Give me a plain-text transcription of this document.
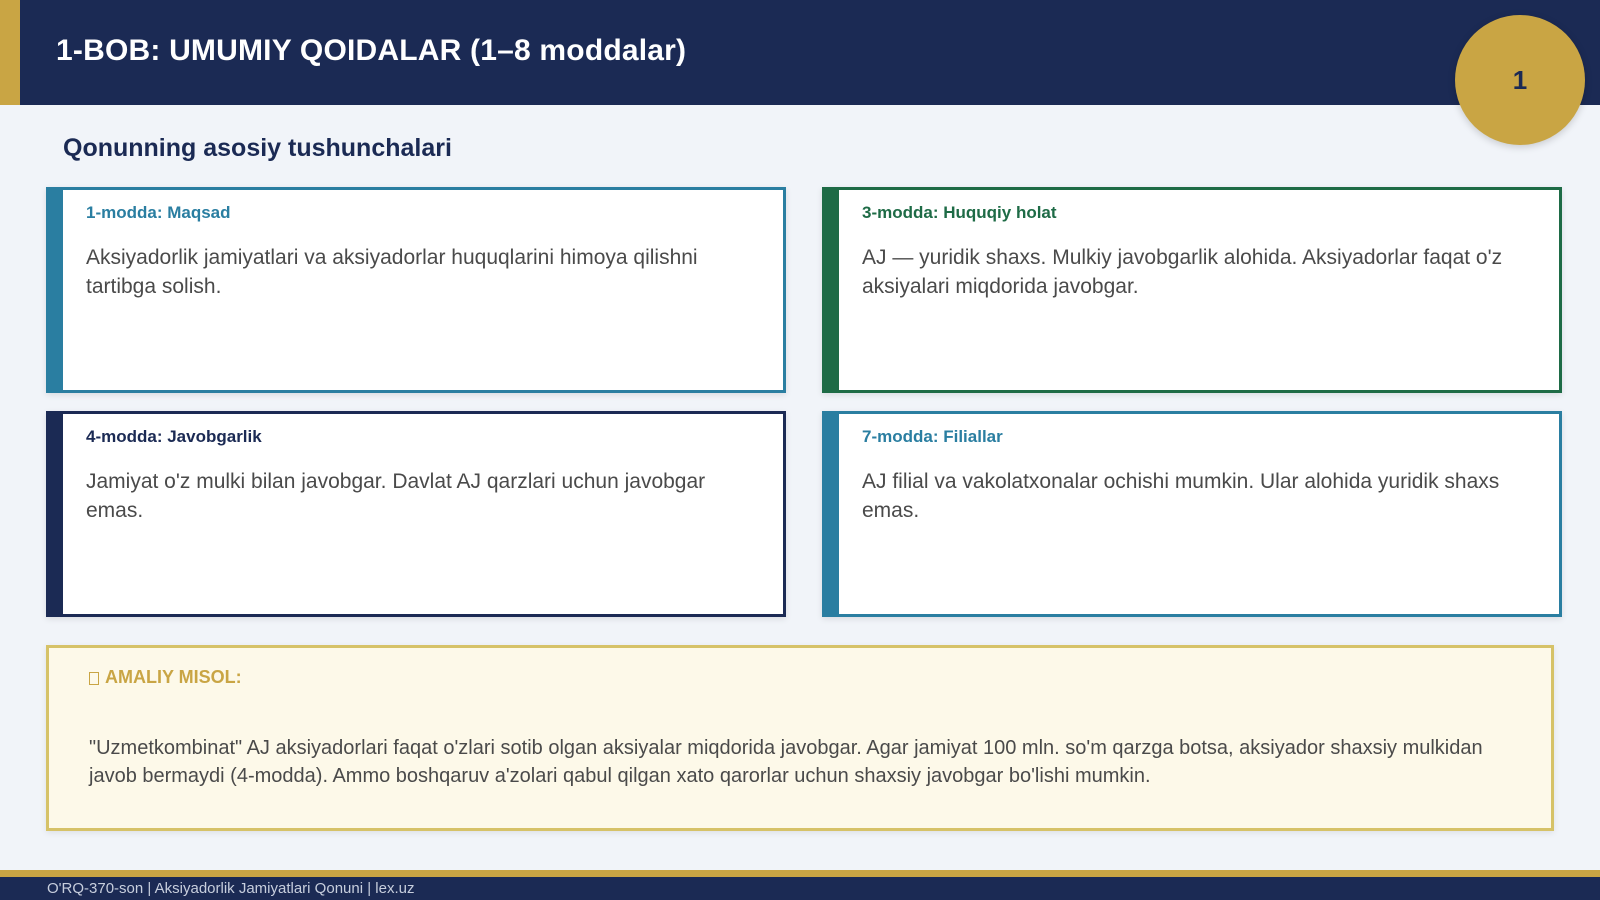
1-BOB: UMUMIY QOIDALAR (1–8 moddalar)
1
Qonunning asosiy tushunchalari
1-modda: Maqsad
Aksiyadorlik jamiyatlari va aksiyadorlar huquqlarini himoya qilishni tartibga solish.
3-modda: Huquqiy holat
AJ — yuridik shaxs. Mulkiy javobgarlik alohida. Aksiyadorlar faqat o'z aksiyalari miqdorida javobgar.
4-modda: Javobgarlik
Jamiyat o'z mulki bilan javobgar. Davlat AJ qarzlari uchun javobgar emas.
7-modda: Filiallar
AJ filial va vakolatxonalar ochishi mumkin. Ular alohida yuridik shaxs emas.
AMALIY MISOL:
"Uzmetkombinat" AJ aksiyadorlari faqat o'zlari sotib olgan aksiyalar miqdorida javobgar. Agar jamiyat 100 mln. so'm qarzga botsa, aksiyador shaxsiy mulkidan javob bermaydi (4-modda). Ammo boshqaruv a'zolari qabul qilgan xato qarorlar uchun shaxsiy javobgar bo'lishi mumkin.
O'RQ-370-son | Aksiyadorlik Jamiyatlari Qonuni | lex.uz
